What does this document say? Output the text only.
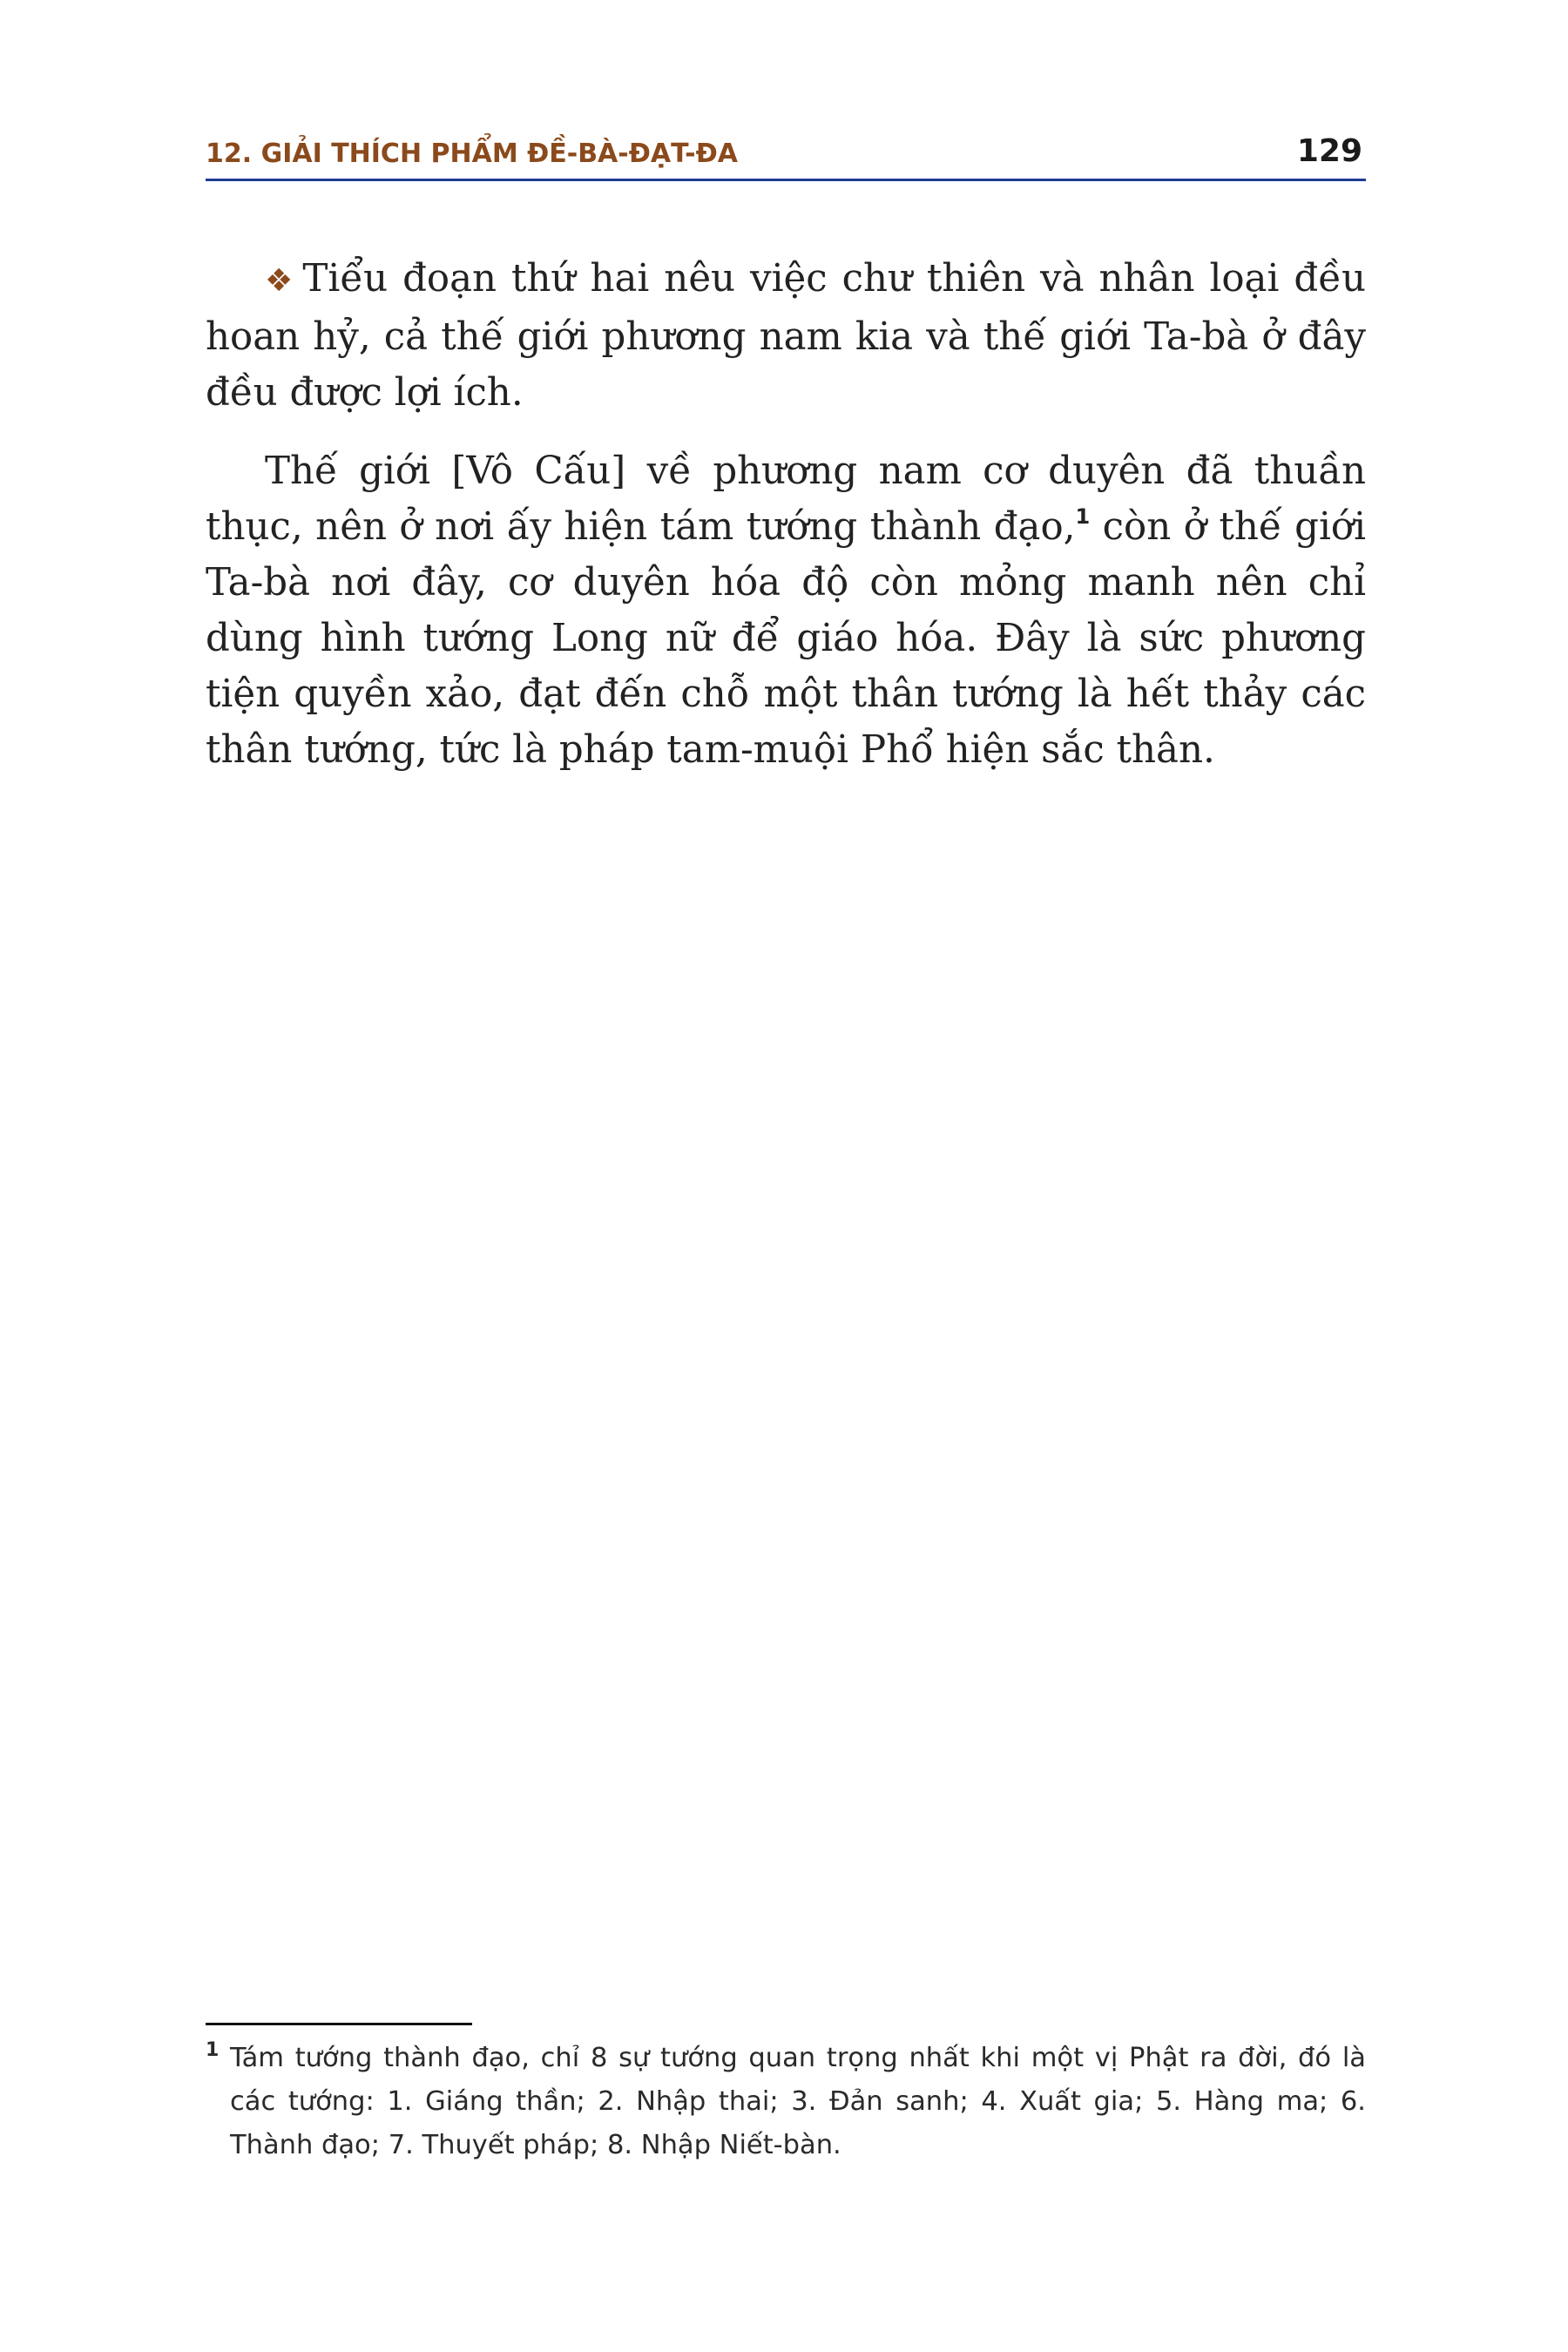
12. GIẢI THÍCH PHẨM ĐỀ-BÀ-ĐẠT-ĐA	129

❖ Tiểu đoạn thứ hai nêu việc chư thiên và nhân loại đều hoan hỷ, cả thế giới phương nam kia và thế giới Ta-bà ở đây đều được lợi ích.

Thế giới [Vô Cấu] về phương nam cơ duyên đã thuần thục, nên ở nơi ấy hiện tám tướng thành đạo,$^1$ còn ở thế giới Ta-bà nơi đây, cơ duyên hóa độ còn mỏng manh nên chỉ dùng hình tướng Long nữ để giáo hóa. Đây là sức phương tiện quyền xảo, đạt đến chỗ một thân tướng là hết thảy các thân tướng, tức là pháp tam-muội Phổ hiện sắc thân.

1 Tám tướng thành đạo, chỉ 8 sự tướng quan trọng nhất khi một vị Phật ra đời, đó là các tướng: 1. Giáng thần; 2. Nhập thai; 3. Đản sanh; 4. Xuất gia; 5. Hàng ma; 6. Thành đạo; 7. Thuyết pháp; 8. Nhập Niết-bàn.
